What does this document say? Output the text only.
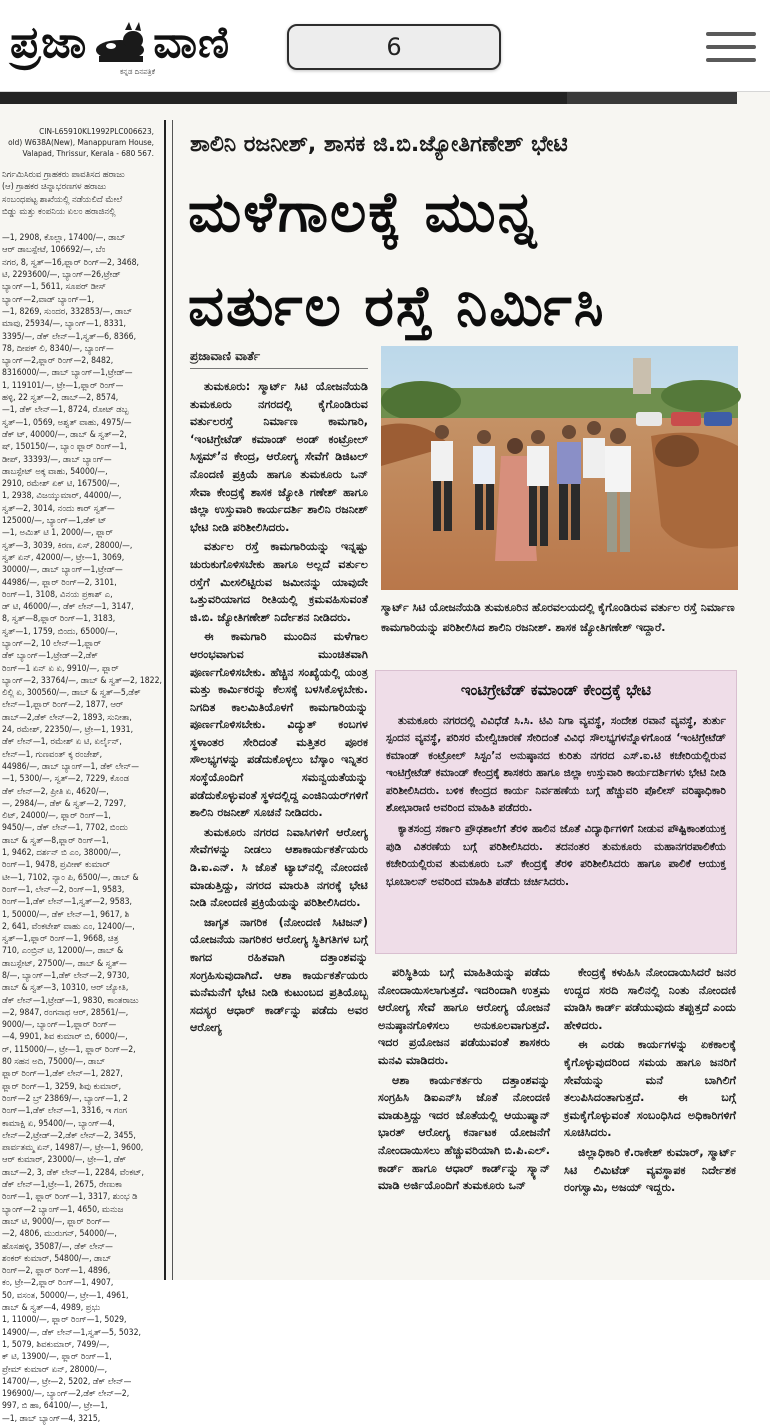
ಪ್ರಜಾ ವಾಣಿ
ಕನ್ನಡ ದಿನಪತ್ರಿಕೆ
6
CIN-L65910KL1992PLC006623,
old) W638A(New), Manappuram House,
Valapad, Thrissur, Kerala - 680 567.
ನಿರ್ಗಮಿಸಿರುವ ಗ್ರಾಹಕರು ಪಾವತಿಸದ ಹರಾಜು
(ಆ) ಗ್ರಾಹಕರ ಚಿನ್ನಾಭರಣಗಳ ಹರಾಜು
ಸಂಬಂಧಪಟ್ಟ ಶಾಖೆಯಲ್ಲಿ ನಡೆಯಲಿದೆ ಮೇಲೆ
ಬಿಡ್ಡು ಮತ್ತು ಕಂಪನಿಯ ಏಲಂ ಹರಾಜಿನಲ್ಲಿ
—1, 2908, ಕೊಲ್ಲಾ, 17400/—, ಡಾಬ್
ಆರ್ ಡಾಬಸ್ಪೇಟೆ, 106692/—, ಬೆಂ
ನಗರ, 8, ಸ್ವತ್—16,ಫ್ಲಾರ್ ರಿಂಗ್—2, 3468,
ಟಿ, 2293600/—, ಬ್ಯಾಂಗ್—26,ಟ್ರೇಡ್
ಬ್ಯಾಂಗ್—1, 5611, ಸೂಪರ್ ಡೀಸ್
ಬ್ಯಾಂಗ್—2,ವಾಡ್ ಬ್ಯಾಂಗ್—1,
—1, 8269, ಸುಂದರ, 332853/—, ಡಾಬ್
ಮಾವು, 25934/—, ಬ್ಯಾಂಗ್—1, 8331,
3395/—, ಡೆಕ್ ಲೇನ್—1,ಸ್ವತ್—6, 8366,
78, ದೀಪಕ್ ಲಿ, 8340/—, ಬ್ಯಾಂಗ್—
ಬ್ಯಾಂಗ್—2,ಫ್ಲಾರ್ ರಿಂಗ್—2, 8482,
8316000/—, ಡಾಬ್ ಬ್ಯಾಂಗ್—1,ಟ್ರೇಡ್—
1, 119101/—, ಟ್ರೇ—1,ಫ್ಲಾರ್ ರಿಂಗ್—
ಹಳ್ಳಿ, 22 ಸ್ವತ್—2, ಡಾಬ್—2, 8574,
—1, ಡೆಕ್ ಲೇನ್—1, 8724, ರೋಟ್ ಡಬ್ಬ
ಸ್ವತ್—1, 0569, ಅಶ್ವತ್ ವಾಹು, 4975/—
ಡೆಕ್ ಟ್, 40000/—, ಡಾಬ್ & ಸ್ವತ್—2,
ಷ್, 150150/—, ಬ್ಯಾಂ ಫ್ಲಾರ್ ರಿಂಗ್—1,
ಡೀಪ್, 33393/—, ಡಾಬ್ ಬ್ಯಾಂಗ್—
ಡಾಬಸ್ಪೇಟ್ ಅಕ್ಕ ವಾಹು, 54000/—,
2910, ರಮೇಶ್ ಏಕ್ ಟಿ, 167500/—,
1, 2938, ವಿಜಯ್ಕುಮಾರ್, 44000/—,
ಸ್ವತ್—2, 3014, ನಂದು ಕಾರ್ ಸ್ವತ್—
125000/—, ಬ್ಯಾಂಗ್—1,ಡೆಕ್ ಟ್
—1, ಅಮಿತ್ ಟಿ 1, 2000/—, ಫ್ಲಾರ್
ಸ್ವತ್—3, 3039, ಕಿರಣ, ಏಸ್, 28000/—,
ಸ್ವತ್ ಏನ್, 42000/—, ಟ್ರೇ—1, 3069,
30000/—, ಡಾಬ್ ಬ್ಯಾಂಗ್—1,ಟ್ರೇಡ್—
44986/—, ಫ್ಲಾರ್ ರಿಂಗ್—2, 3101,
ರಿಂಗ್—1, 3108, ವಿನಯ ಪ್ರಕಾಶ್ ಎ,
ಡ್ ಟಿ, 46000/—, ಡೆಕ್ ಲೇನ್—1, 3147,
8, ಸ್ವತ್—8,ಫ್ಲಾರ್ ರಿಂಗ್—1, 3183,
ಸ್ವತ್—1, 1759, ಬಿಂದು, 65000/—,
ಬ್ಯಾಂಗ್—2, 10 ಲೇನ್—1,ಫ್ಲಾರ್
ಡೆಕ್ ಬ್ಯಾಂಗ್—1,ಟ್ರೇಡ್—2,ಡೆಕ್
ರಿಂಗ್—1 ಏನ್ ಏ ಏ, 9910/—, ಫ್ಲಾರ್
ಬ್ಯಾಂಗ್—2, 33764/—, ಡಾಬ್ & ಸ್ವತ್—2, 1822,
ಲಿಲ್ಲಿ ಏ, 300560/—, ಡಾಬ್ & ಸ್ವತ್—5,ಡೆಕ್
ಲೇನ್—1,ಫ್ಲಾರ್ ರಿಂಗ್—2, 1877, ಆರ್
ಡಾಬ್—2,ಡೆಕ್ ಲೇನ್—2, 1893, ಸುನೀತಾ,
24, ರಮೇಶ್, 22350/—, ಟ್ರೇ—1, 1931,
ಡೆಕ್ ಲೇನ್—1, ರಮೇಶ್ ಏ ಟಿ, ಏರ್ಲೈನ್,
ಲೇನ್—1, ಗುಣವಂತ್ ಕ್ಕ ರಂಜೇಶ್,
44986/—, ಡಾಬ್ ಬ್ಯಾಂಗ್—1, ಡೆಕ್ ಲೇನ್—
—1, 5300/—, ಸ್ವತ್—2, 7229, ಕೊಂಡ
ಡೆಕ್ ಲೇನ್—2, ಪ್ರೀತಿ ಏ, 4620/—,
—, 2984/—, ಡೆಕ್ & ಸ್ವತ್—2, 7297,
ಲಿಟ್, 24000/—, ಫ್ಲಾರ್ ರಿಂಗ್—1,
9450/—, ಡೆಕ್ ಲೇನ್—1, 7702, ಬಿಂದು
ಡಾಬ್ & ಸ್ವತ್—8,ಫ್ಲಾರ್ ರಿಂಗ್—1,
1, 9462, ದರ್ಶನ್ ಬಿ ಎಂ, 38000/—,
ರಿಂಗ್—1, 9478, ಪ್ರವೀಣ್ ಕುಮಾರ್
ಟೀ—1, 7102, ನ್ಯಾಂ ಪಿ, 6500/—, ಡಾಬ್ &
ರಿಂಗ್—1, ಲೇನ್—2, ರಿಂಗ್—1, 9583,
ರಿಂಗ್—1,ಡೆಕ್ ಲೇನ್—1,ಸ್ವತ್—2, 9583,
1, 50000/—, ಡೆಕ್ ಲೇನ್—1, 9617, ಶಿ
2, 641, ವೆಂಕಟೇಶ್ ವಾಹು ಎಂ, 12400/—,
ಸ್ವತ್—1,ಫ್ಲಾರ್ ರಿಂಗ್—1, 9668, ಚಿತ್ರ
710, ಎಂಬ್ರಿನ್ ಟಿ, 12000/—, ಡಾಬ್ &
ಡಾಬಸ್ಪೇಟ್, 27500/—, ಡಾಬ್ & ಸ್ವತ್—
8/—, ಬ್ಯಾಂಗ್—1,ಡೆಕ್ ಲೇನ್—2, 9730,
ಡಾಬ್ & ಸ್ವತ್—3, 10310, ಆರ್ ಜ್ಯೋತಿ,
ಡೆಕ್ ಲೇನ್—1,ಟ್ರೇಡ್—1, 9830, ಕಾಂತರಾಜು
—2, 9847, ರಂಗನಾಥ ಆರ್, 28561/—,
9000/—, ಬ್ಯಾಂಗ್—1,ಫ್ಲಾರ್ ರಿಂಗ್—
—4, 9901, ಶಿವ ಕುಮಾರ್ ಬಿ, 6000/—,
ರ್, 115000/—, ಟ್ರೇ—1, ಫ್ಲಾರ್ ರಿಂಗ್—2,
80 ಸಹನ ಅದಿ, 75000/—, ಡಾಬ್
ಫ್ಲಾರ್ ರಿಂಗ್—1,ಡೆಕ್ ಲೇನ್—1, 2827,
ಫ್ಲಾರ್ ರಿಂಗ್—1, 3259, ಶಿವು ಕುಮಾರ್,
ರಿಂಗ್—2 ಬ್ರ್ 23869/—, ಬ್ಯಾಂಗ್—1, 2
ರಿಂಗ್—1,ಡೆಕ್ ಲೇನ್—1, 3316, ಇ ಗಂಗ
ಕಾಮಾಕ್ಷಿ ಏ, 95400/—, ಬ್ಯಾಂಗ್—4,
ಲೇನ್—2,ಟ್ರೇಡ್—2,ಡೆಕ್ ಲೇನ್—2, 3455,
ಪಾರ್ವತಮ್ಮ ಏನ್, 14987/—, ಟ್ರೇ—1, 9600,
ಆರ್ ಕುಮಾರ್, 23000/—, ಟ್ರೇ—1, ಡೆಕ್
ಡಾಬ್—2, 3, ಡೆಕ್ ಲೇನ್—1, 2284, ವೆಂಕಟ್,
ಡೆಕ್ ಲೇನ್—1,ಟ್ರೇ—1, 2675, ರೇಣುಕಾ
ರಿಂಗ್—1, ಫ್ಲಾರ್ ರಿಂಗ್—1, 3317, ಶುಂಭ ಡಿ
ಬ್ಯಾಂಗ್—2 ಬ್ಯಾಂಗ್—1, 4650, ಮನುಜ
ಡಾಬ್ ಟಿ, 9000/—, ಫ್ಲಾರ್ ರಿಂಗ್—
—2, 4806, ಮುರುಗನ್, 54000/—,
ಹೊಸಹಳ್ಳಿ, 35087/—, ಡೆಕ್ ಲೇನ್—
ಶಂಕರ್ ಕುಮಾರ್, 54800/—, ಡಾಬ್
ರಿಂಗ್—2, ಫ್ಲಾರ್ ರಿಂಗ್—1, 4896,
ಕಂ, ಟ್ರೇ—2,ಫ್ಲಾರ್ ರಿಂಗ್—1, 4907,
50, ವಸಂತ, 50000/—, ಟ್ರೇ—1, 4961,
ಡಾಬ್ & ಸ್ವತ್—4, 4989, ಪ್ರಭು
1, 11000/—, ಫ್ಲಾರ್ ರಿಂಗ್—1, 5029,
14900/—, ಡೆಕ್ ಲೇನ್—1,ಸ್ವತ್—5, 5032,
1, 5079, ಶಿವಕುಮಾರ್, 7499/—,
ಕ್ ಟಿ, 13900/—, ಫ್ಲಾರ್ ರಿಂಗ್—1,
ಪ್ರೇಮ್ ಕುಮಾರ್ ಏನ್, 28000/—,
14700/—, ಟ್ರೇ—2, 5202, ಡೆಕ್ ಲೇನ್—
196900/—, ಬ್ಯಾಂಗ್—2,ಡೆಕ್ ಲೇನ್—2,
997, ಬಿ ಹಾ, 64100/—, ಟ್ರೇ—1,
—1, ಡಾಬ್ ಬ್ಯಾಂಗ್—4, 3215,
ಶಾಲಿನಿ ರಜನೀಶ್, ಶಾಸಕ ಜಿ.ಬಿ.ಜ್ಯೋತಿಗಣೇಶ್ ಭೇಟಿ
ಮಳೆಗಾಲಕ್ಕೆ ಮುನ್ನ
ವರ್ತುಲ ರಸ್ತೆ ನಿರ್ಮಿಸಿ
ಪ್ರಜಾವಾಣಿ ವಾರ್ತೆ

ತುಮಕೂರು: ಸ್ಮಾರ್ಟ್ ಸಿಟಿ ಯೋಜನೆಯಡಿ ತುಮಕೂರು ನಗರದಲ್ಲಿ ಕೈಗೊಂಡಿರುವ ವರ್ತುಲರಸ್ತೆ ನಿರ್ಮಾಣ ಕಾಮಗಾರಿ, ‘ಇಂಟಿಗ್ರೇಟೆಡ್ ಕಮಾಂಡ್ ಅಂಡ್ ಕಂಟ್ರೋಲ್ ಸಿಸ್ಟಮ್’ನ ಕೇಂದ್ರ, ಆರೋಗ್ಯ ಸೇವೆಗೆ ಡಿಜಿಟಲ್ ನೊಂದಣಿ ಪ್ರಕ್ರಿಯೆ ಹಾಗೂ ತುಮಕೂರು ಒನ್ ಸೇವಾ ಕೇಂದ್ರಕ್ಕೆ ಶಾಸಕ ಜ್ಯೋತಿ ಗಣೇಶ್ ಹಾಗೂ ಜಿಲ್ಲಾ ಉಸ್ತುವಾರಿ ಕಾರ್ಯದರ್ಶಿ ಶಾಲಿನಿ ರಜನೀಶ್ ಭೇಟಿ ನೀಡಿ ಪರಿಶೀಲಿಸಿದರು.

ವರ್ತುಲ ರಸ್ತೆ ಕಾಮಗಾರಿಯನ್ನು ಇನ್ನಷ್ಟು ಚುರುಕುಗೊಳಿಸಬೇಕು ಹಾಗೂ ಅಲ್ಲದೆ ವರ್ತುಲ ರಸ್ತೆಗೆ ಮೀಸಲಿಟ್ಟಿರುವ ಜಮೀನನ್ನು ಯಾವುದೇ ಒತ್ತುವರಿಯಾಗದ ರೀತಿಯಲ್ಲಿ ಕ್ರಮವಹಿಸುವಂತೆ ಜಿ.ಬಿ. ಜ್ಯೋತಿಗಣೇಶ್ ನಿರ್ದೇಶನ ನೀಡಿದರು.

ಈ ಕಾಮಗಾರಿ ಮುಂದಿನ ಮಳೆಗಾಲ ಆರಂಭವಾಗುವ ಮುಂಚಿತವಾಗಿ ಪೂರ್ಣಗೊಳಿಸಬೇಕು. ಹೆಚ್ಚಿನ ಸಂಖ್ಯೆಯಲ್ಲಿ ಯಂತ್ರ ಮತ್ತು ಕಾರ್ಮಿಕರನ್ನು ಕೆಲಸಕ್ಕೆ ಬಳಸಿಕೊಳ್ಳಬೇಕು. ನಿಗದಿತ ಕಾಲಮಿತಿಯೊಳಗೆ ಕಾಮಗಾರಿಯನ್ನು ಪೂರ್ಣಗೊಳಿಸಬೇಕು. ವಿದ್ಯುತ್ ಕಂಬಗಳ ಸ್ಥಳಾಂತರ ಸೇರಿದಂತೆ ಮತ್ತಿತರ ಪೂರಕ ಸೌಲಭ್ಯಗಳನ್ನು ಪಡೆದುಕೊಳ್ಳಲು ಬೆಸ್ಕಾಂ ಇನ್ನಿತರ ಸಂಸ್ಥೆಯೊಂದಿಗೆ ಸಮನ್ವಯತೆಯನ್ನು ಪಡೆದುಕೊಳ್ಳುವಂತೆ ಸ್ಥಳದಲ್ಲಿದ್ದ ಎಂಜಿನಿಯರ್‌ಗಳಿಗೆ ಶಾಲಿನಿ ರಜನೀಶ್ ಸೂಚನೆ ನೀಡಿದರು.

ತುಮಕೂರು ನಗರದ ನಿವಾಸಿಗಳಿಗೆ ಆರೋಗ್ಯ ಸೇವೆಗಳನ್ನು ನೀಡಲು ಆಶಾಕಾರ್ಯಕರ್ತೆಯರು ಡಿ.ಐ.ಎನ್. ಸಿ ಜೊತೆ ಟ್ಯಾಬ್‌ನಲ್ಲಿ ನೋಂದಣಿ ಮಾಡುತ್ತಿದ್ದು, ನಗರದ ಮಾರುತಿ ನಗರಕ್ಕೆ ಭೇಟಿ ನೀಡಿ ನೋಂದಣಿ ಪ್ರಕ್ರಿಯೆಯನ್ನು ಪರಿಶೀಲಿಸಿದರು.

ಜಾಗೃತ ನಾಗರಿಕ (ನೋಂದಣಿ ಸಿಟಿಜನ್) ಯೋಜನೆಯ ನಾಗರಿಕರ ಆರೋಗ್ಯ ಸ್ಥಿತಿಗತಿಗಳ ಬಗ್ಗೆ ಕಾಗದ ರಹಿತವಾಗಿ ದತ್ತಾಂಶವನ್ನು ಸಂಗ್ರಹಿಸುವುದಾಗಿದೆ. ಆಶಾ ಕಾರ್ಯಕರ್ತೆಯರು ಮನೆಮನೆಗೆ ಭೇಟಿ ನೀಡಿ ಕುಟುಂಬದ ಪ್ರತಿಯೊಬ್ಬ ಸದಸ್ಯರ ಆಧಾರ್ ಕಾರ್ಡ್‌ನ್ನು ಪಡೆದು ಅವರ ಆರೋಗ್ಯ

ಸ್ಮಾರ್ಟ್ ಸಿಟಿ ಯೋಜನೆಯಡಿ ತುಮಕೂರಿನ ಹೊರವಲಯದಲ್ಲಿ ಕೈಗೊಂಡಿರುವ ವರ್ತುಲ ರಸ್ತೆ ನಿರ್ಮಾಣ ಕಾಮಗಾರಿಯನ್ನು ಪರಿಶೀಲಿಸಿದ ಶಾಲಿನಿ ರಜನೀಶ್. ಶಾಸಕ ಜ್ಯೋತಿಗಣೇಶ್ ಇದ್ದಾರೆ.
ಇಂಟಿಗ್ರೇಟೆಡ್ ಕಮಾಂಡ್ ಕೇಂದ್ರಕ್ಕೆ ಭೇಟಿ

ತುಮಕೂರು ನಗರದಲ್ಲಿ ವಿವಿಧೆಡೆ ಸಿ.ಸಿ. ಟಿವಿ ನಿಗಾ ವ್ಯವಸ್ಥೆ, ಸಂದೇಶ ರವಾನೆ ವ್ಯವಸ್ಥೆ, ತುರ್ತು ಸ್ಪಂದನ ವ್ಯವಸ್ಥೆ, ಪರಿಸರ ಮೇಲ್ವಿಚಾರಣೆ ಸೇರಿದಂತೆ ವಿವಿಧ ಸೌಲಭ್ಯಗಳನ್ನೊಳಗೊಂಡ ‘ಇಂಟಿಗ್ರೇಟೆಡ್ ಕಮಾಂಡ್ ಕಂಟ್ರೋಲ್ ಸಿಸ್ಟಂ’ನ ಅನುಷ್ಠಾನದ ಕುರಿತು ನಗರದ ಎಸ್.ಐ.ಟಿ ಕಚೇರಿಯಲ್ಲಿರುವ ಇಂಟಿಗ್ರೇಟೆಡ್ ಕಮಾಂಡ್ ಕೇಂದ್ರಕ್ಕೆ ಶಾಸಕರು ಹಾಗೂ ಜಿಲ್ಲಾ ಉಸ್ತುವಾರಿ ಕಾರ್ಯದರ್ಶಿಗಳು ಭೇಟಿ ನೀಡಿ ಪರಿಶೀಲಿಸಿದರು. ಬಳಿಕ ಕೇಂದ್ರದ ಕಾರ್ಯ ನಿರ್ವಹಣೆಯ ಬಗ್ಗೆ ಹೆಚ್ಚುವರಿ ಪೊಲೀಸ್ ವರಿಷ್ಠಾಧಿಕಾರಿ ಶೋಭಾರಾಣಿ ಅವರಿಂದ ಮಾಹಿತಿ ಪಡೆದರು.

ಕ್ಯಾತಸಂದ್ರ ಸರ್ಕಾರಿ ಪ್ರೌಢಶಾಲೆಗೆ ತೆರಳಿ ಹಾಲಿನ ಜೊತೆ ವಿದ್ಯಾರ್ಥಿಗಳಿಗೆ ನೀಡುವ ಪೌಷ್ಟಿಕಾಂಶಯುಕ್ತ ಪುಡಿ ವಿತರಣೆಯ ಬಗ್ಗೆ ಪರಿಶೀಲಿಸಿದರು. ತದನಂತರ ತುಮಕೂರು ಮಹಾನಗರಪಾಲಿಕೆಯ ಕಚೇರಿಯಲ್ಲಿರುವ ತುಮಕೂರು ಒನ್ ಕೇಂದ್ರಕ್ಕೆ ತೆರಳಿ ಪರಿಶೀಲಿಸಿದರು ಹಾಗೂ ಪಾಲಿಕೆ ಆಯುಕ್ತ ಭೂಬಾಲನ್ ಅವರಿಂದ ಮಾಹಿತಿ ಪಡೆದು ಚರ್ಚಿಸಿದರು.

ಪರಿಸ್ಥಿತಿಯ ಬಗ್ಗೆ ಮಾಹಿತಿಯನ್ನು ಪಡೆದು ನೋಂದಾಯಿಸಲಾಗುತ್ತದೆ. ಇದರಿಂದಾಗಿ ಉತ್ತಮ ಆರೋಗ್ಯ ಸೇವೆ ಹಾಗೂ ಆರೋಗ್ಯ ಯೋಜನೆ ಅನುಷ್ಠಾನಗೊಳಿಸಲು ಅನುಕೂಲವಾಗುತ್ತದೆ. ಇದರ ಪ್ರಯೋಜನ ಪಡೆಯುವಂತೆ ಶಾಸಕರು ಮನವಿ ಮಾಡಿದರು.

ಆಶಾ ಕಾರ್ಯಕರ್ತರು ದತ್ತಾಂಶವನ್ನು ಸಂಗ್ರಹಿಸಿ ಡಿಐಎನ್‌ಸಿ ಜೊತೆ ನೋಂದಣಿ ಮಾಡುತ್ತಿದ್ದು ಇದರ ಜೊತೆಯಲ್ಲಿ ಆಯುಷ್ಮಾನ್ ಭಾರತ್ ಆರೋಗ್ಯ ಕರ್ನಾಟಕ ಯೋಜನೆಗೆ ನೋಂದಾಯಿಸಲು ಹೆಚ್ಚುವರಿಯಾಗಿ ಬಿ.ಪಿ.ಎಲ್. ಕಾರ್ಡ್ ಹಾಗೂ ಆಧಾರ್ ಕಾರ್ಡ್‌ನ್ನು ಸ್ಕ್ಯಾನ್ ಮಾಡಿ ಅರ್ಜಿಯೊಂದಿಗೆ ತುಮಕೂರು ಒನ್

ಕೇಂದ್ರಕ್ಕೆ ಕಳುಹಿಸಿ ನೋಂದಾಯಿಸಿದರೆ ಜನರ ಉದ್ದದ ಸರದಿ ಸಾಲಿನಲ್ಲಿ ನಿಂತು ನೋಂದಣಿ ಮಾಡಿಸಿ ಕಾರ್ಡ್ ಪಡೆಯುವುದು ತಪ್ಪುತ್ತದೆ ಎಂದು ಹೇಳಿದರು.

ಈ ಎರಡು ಕಾರ್ಯಗಳನ್ನು ಏಕಕಾಲಕ್ಕೆ ಕೈಗೊಳ್ಳುವುದರಿಂದ ಸಮಯ ಹಾಗೂ ಜನರಿಗೆ ಸೇವೆಯನ್ನು ಮನೆ ಬಾಗಿಲಿಗೆ ತಲುಪಿಸಿದಂತಾಗುತ್ತದೆ. ಈ ಬಗ್ಗೆ ಕ್ರಮಕೈಗೊಳ್ಳುವಂತೆ ಸಂಬಂಧಿಸಿದ ಅಧಿಕಾರಿಗಳಿಗೆ ಸೂಚಿಸಿದರು.

ಜಿಲ್ಲಾಧಿಕಾರಿ ಕೆ.ರಾಕೇಶ್ ಕುಮಾರ್, ಸ್ಮಾರ್ಟ್ ಸಿಟಿ ಲಿಮಿಟೆಡ್ ವ್ಯವಸ್ಥಾಪಕ ನಿರ್ದೇಶಕ ರಂಗಸ್ವಾಮಿ, ಅಜಯ್ ಇದ್ದರು.
